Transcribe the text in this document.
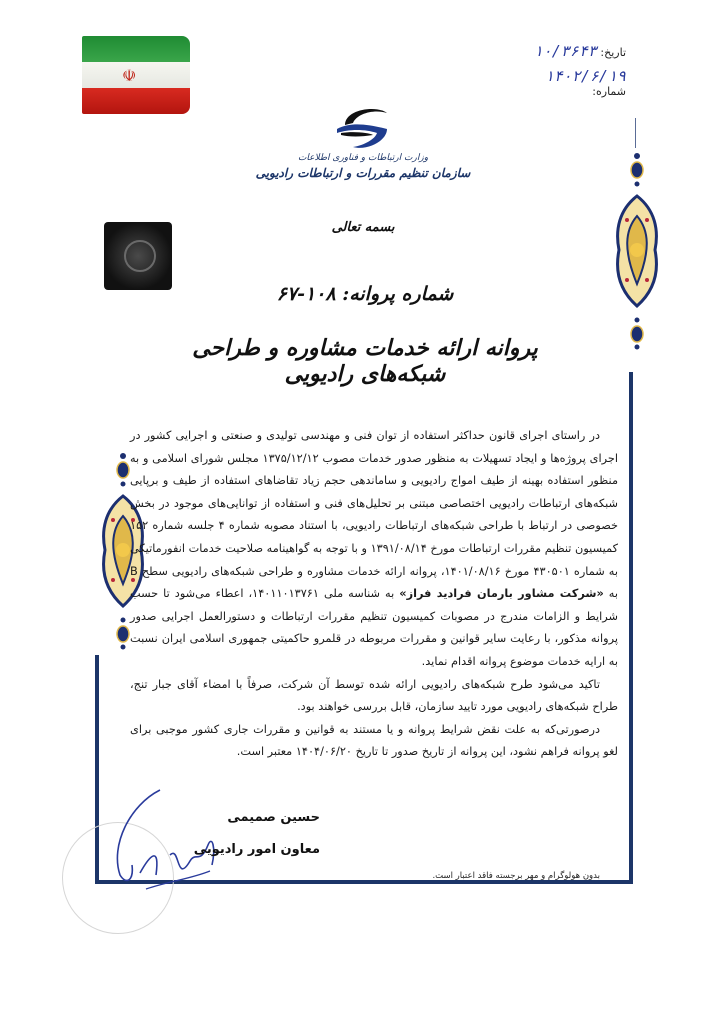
تاریخ: ۱۰/۳۶۴۳
۱۴۰۲/۶/۱۹
شماره:
☫
وزارت ارتباطات و فناوری اطلاعات
سازمان تنظیم مقررات و ارتباطات رادیویی
بسمه تعالی
شماره پروانه: ۱۰۸-۶۷
پروانه ارائه خدمات مشاوره و طراحی شبکه‌های رادیویی

در راستای اجرای قانون حداکثر استفاده از توان فنی و مهندسی تولیدی و صنعتی و اجرایی کشور در اجرای پروژه‌ها و ایجاد تسهیلات به منظور صدور خدمات مصوب ۱۳۷۵/۱۲/۱۲ مجلس شورای اسلامی و به منظور استفاده بهینه از طیف امواج رادیویی و ساماندهی حجم زیاد تقاضاهای استفاده از طیف و برپایی شبکه‌های ارتباطات رادیویی اختصاصی مبتنی بر تحلیل‌های فنی و استفاده از توانایی‌های موجود در بخش خصوصی در ارتباط با طراحی شبکه‌های ارتباطات رادیویی، با استناد مصوبه شماره ۴ جلسه شماره ۱۵۲ کمیسیون تنظیم مقررات ارتباطات مورخ ۱۳۹۱/۰۸/۱۴ و با توجه به گواهینامه صلاحیت خدمات انفورماتیکی به شماره ۴۳۰۵۰۱ مورخ ۱۴۰۱/۰۸/۱۶، پروانه ارائه خدمات مشاوره و طراحی شبکه‌های رادیویی سطح B به «شرکت مشاور بارمان فرادید فراز» به شناسه ملی ۱۴۰۱۱۰۱۳۷۶۱، اعطاء می‌شود تا حسب شرایط و الزامات مندرج در مصوبات کمیسیون تنظیم مقررات ارتباطات و دستورالعمل اجرایی صدور پروانه مذکور، با رعایت سایر قوانین و مقررات مربوطه در قلمرو حاکمیتی جمهوری اسلامی ایران نسبت به ارایه خدمات موضوع پروانه اقدام نماید.

تاکید می‌شود طرح شبکه‌های رادیویی ارائه شده توسط آن شرکت، صرفاً با امضاء آقای جبار تنج، طراح شبکه‌های رادیویی مورد تایید سازمان، قابل بررسی خواهند بود.

درصورتی‌که به علت نقض شرایط پروانه و یا مستند به قوانین و مقررات جاری کشور موجبی برای لغو پروانه فراهم نشود، این پروانه از تاریخ صدور تا تاریخ ۱۴۰۴/۰۶/۲۰ معتبر است.

حسین صمیمی
معاون امور رادیویی
بدون هولوگرام و مهر برجسته فاقد اعتبار است.
